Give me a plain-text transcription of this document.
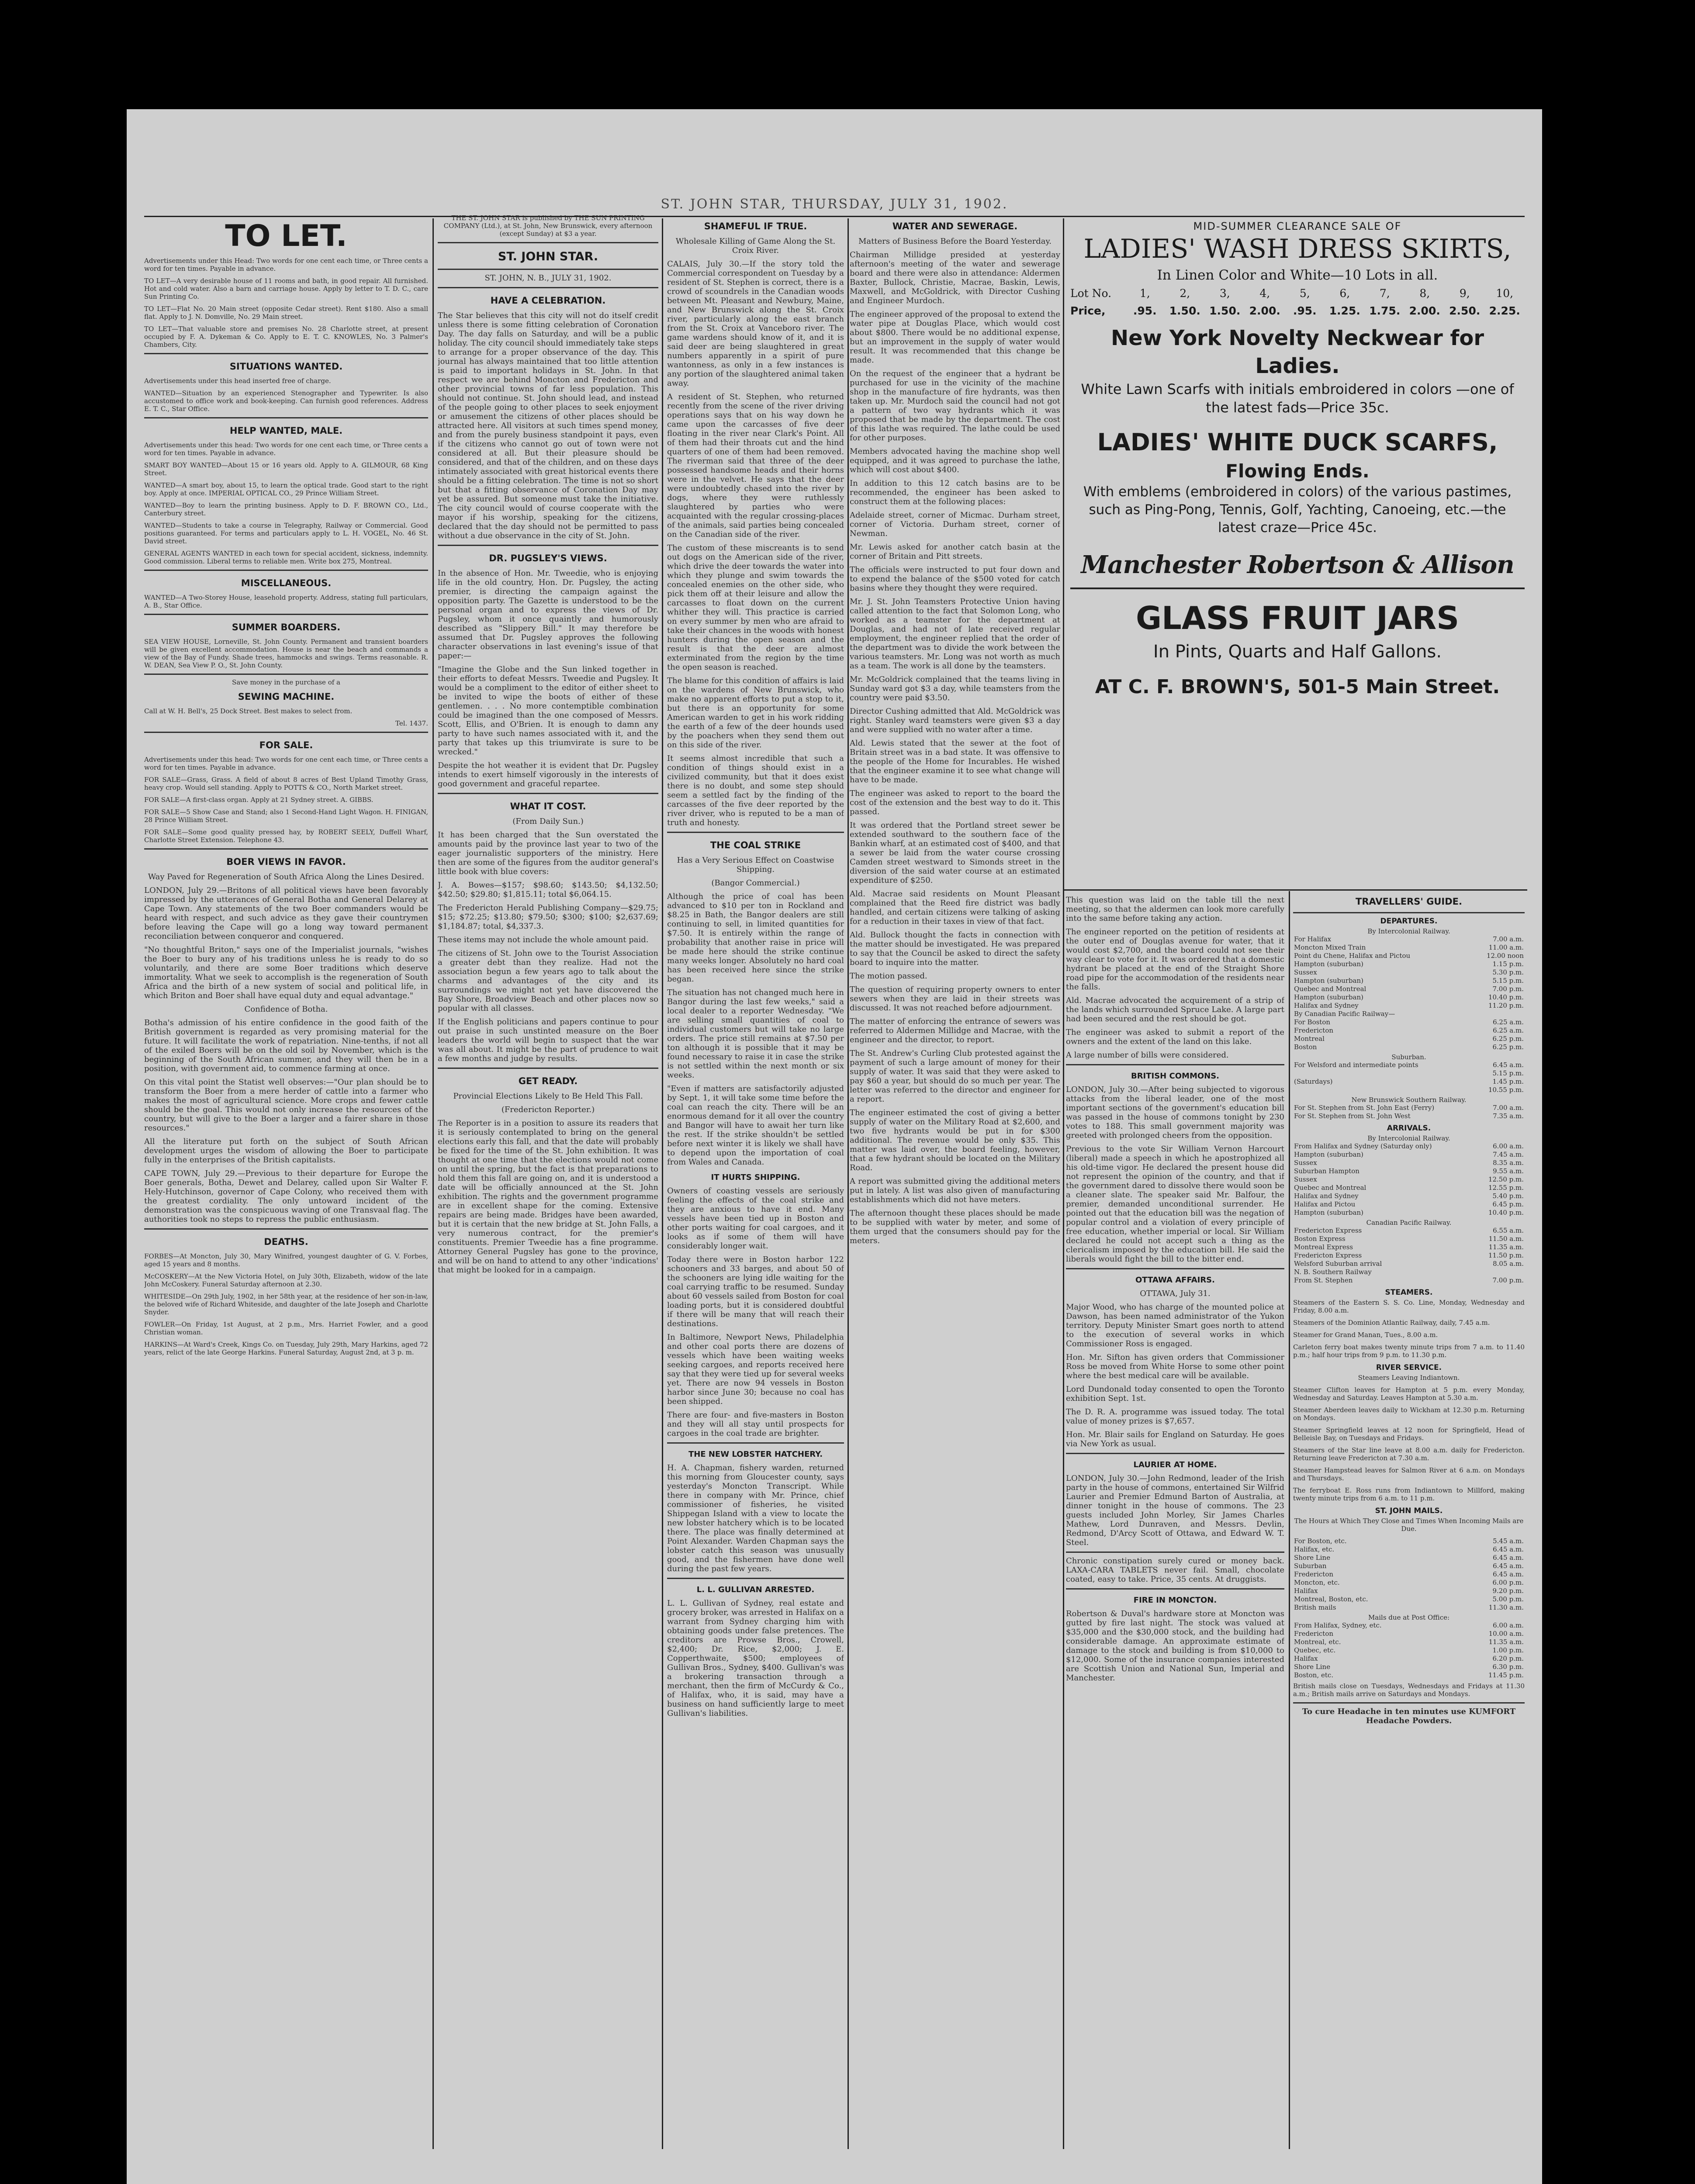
ST. JOHN STAR, THURSDAY, JULY 31, 1902.
TO LET.

Advertisements under this Head: Two words for one cent each time, or Three cents a word for ten times. Payable in advance.

TO LET—A very desirable house of 11 rooms and bath, in good repair. All furnished. Hot and cold water. Also a barn and carriage house. Apply by letter to T. D. C., care Sun Printing Co.

TO LET—Flat No. 20 Main street (opposite Cedar street). Rent $180. Also a small flat. Apply to J. N. Domville, No. 29 Main street.

TO LET—That valuable store and premises No. 28 Charlotte street, at present occupied by F. A. Dykeman & Co. Apply to E. T. C. KNOWLES, No. 3 Palmer's Chambers, City.

SITUATIONS WANTED.

Advertisements under this head inserted free of charge.

WANTED—Situation by an experienced Stenographer and Typewriter. Is also accustomed to office work and book-keeping. Can furnish good references. Address E. T. C., Star Office.

HELP WANTED, MALE.

Advertisements under this head: Two words for one cent each time, or Three cents a word for ten times. Payable in advance.

SMART BOY WANTED—About 15 or 16 years old. Apply to A. GILMOUR, 68 King Street.

WANTED—A smart boy, about 15, to learn the optical trade. Good start to the right boy. Apply at once. IMPERIAL OPTICAL CO., 29 Prince William Street.

WANTED—Boy to learn the printing business. Apply to D. F. BROWN CO., Ltd., Canterbury street.

WANTED—Students to take a course in Telegraphy, Railway or Commercial. Good positions guaranteed. For terms and particulars apply to L. H. VOGEL, No. 46 St. David street.

GENERAL AGENTS WANTED in each town for special accident, sickness, indemnity. Good commission. Liberal terms to reliable men. Write box 275, Montreal.

MISCELLANEOUS.

WANTED—A Two-Storey House, leasehold property. Address, stating full particulars, A. B., Star Office.

SUMMER BOARDERS.

SEA VIEW HOUSE, Lorneville, St. John County. Permanent and transient boarders will be given excellent accommodation. House is near the beach and commands a view of the Bay of Fundy. Shade trees, hammocks and swings. Terms reasonable. R. W. DEAN, Sea View P. O., St. John County.

Save money in the purchase of a

SEWING MACHINE.

Call at W. H. Bell's, 25 Dock Street. Best makes to select from.

Tel. 1437.

FOR SALE.

Advertisements under this head: Two words for one cent each time, or Three cents a word for ten times. Payable in advance.

FOR SALE—Grass, Grass. A field of about 8 acres of Best Upland Timothy Grass, heavy crop. Would sell standing. Apply to POTTS & CO., North Market street.

FOR SALE—A first-class organ. Apply at 21 Sydney street. A. GIBBS.

FOR SALE—5 Show Case and Stand; also 1 Second-Hand Light Wagon. H. FINIGAN, 28 Prince William Street.

FOR SALE—Some good quality pressed hay, by ROBERT SEELY, Duffell Wharf, Charlotte Street Extension. Telephone 43.

BOER VIEWS IN FAVOR.

Way Paved for Regeneration of South Africa Along the Lines Desired.

LONDON, July 29.—Britons of all political views have been favorably impressed by the utterances of General Botha and General Delarey at Cape Town. Any statements of the two Boer commanders would be heard with respect, and such advice as they gave their countrymen before leaving the Cape will go a long way toward permanent reconciliation between conqueror and conquered.

"No thoughtful Briton," says one of the Imperialist journals, "wishes the Boer to bury any of his traditions unless he is ready to do so voluntarily, and there are some Boer traditions which deserve immortality. What we seek to accomplish is the regeneration of South Africa and the birth of a new system of social and political life, in which Briton and Boer shall have equal duty and equal advantage."

Confidence of Botha.

Botha's admission of his entire confidence in the good faith of the British government is regarded as very promising material for the future. It will facilitate the work of repatriation. Nine-tenths, if not all of the exiled Boers will be on the old soil by November, which is the beginning of the South African summer, and they will then be in a position, with government aid, to commence farming at once.

On this vital point the Statist well observes:—"Our plan should be to transform the Boer from a mere herder of cattle into a farmer who makes the most of agricultural science. More crops and fewer cattle should be the goal. This would not only increase the resources of the country, but will give to the Boer a larger and a fairer share in those resources."

All the literature put forth on the subject of South African development urges the wisdom of allowing the Boer to participate fully in the enterprises of the British capitalists.

CAPE TOWN, July 29.—Previous to their departure for Europe the Boer generals, Botha, Dewet and Delarey, called upon Sir Walter F. Hely-Hutchinson, governor of Cape Colony, who received them with the greatest cordiality. The only untoward incident of the demonstration was the conspicuous waving of one Transvaal flag. The authorities took no steps to repress the public enthusiasm.

DEATHS.

FORBES—At Moncton, July 30, Mary Winifred, youngest daughter of G. V. Forbes, aged 15 years and 8 months.

McCOSKERY—At the New Victoria Hotel, on July 30th, Elizabeth, widow of the late John McCoskery. Funeral Saturday afternoon at 2.30.

WHITESIDE—On 29th July, 1902, in her 58th year, at the residence of her son-in-law, the beloved wife of Richard Whiteside, and daughter of the late Joseph and Charlotte Snyder.

FOWLER—On Friday, 1st August, at 2 p.m., Mrs. Harriet Fowler, and a good Christian woman.

HARKINS—At Ward's Creek, Kings Co. on Tuesday, July 29th, Mary Harkins, aged 72 years, relict of the late George Harkins. Funeral Saturday, August 2nd, at 3 p. m.

THE ST. JOHN STAR is published by THE SUN PRINTING COMPANY (Ltd.), at St. John, New Brunswick, every afternoon (except Sunday) at $3 a year.

ST. JOHN STAR.

ST. JOHN, N. B., JULY 31, 1902.

HAVE A CELEBRATION.

The Star believes that this city will not do itself credit unless there is some fitting celebration of Coronation Day. The day falls on Saturday, and will be a public holiday. The city council should immediately take steps to arrange for a proper observance of the day. This journal has always maintained that too little attention is paid to important holidays in St. John. In that respect we are behind Moncton and Fredericton and other provincial towns of far less population. This should not continue. St. John should lead, and instead of the people going to other places to seek enjoyment or amusement the citizens of other places should be attracted here. All visitors at such times spend money, and from the purely business standpoint it pays, even if the citizens who cannot go out of town were not considered at all. But their pleasure should be considered, and that of the children, and on these days intimately associated with great historical events there should be a fitting celebration. The time is not so short but that a fitting observance of Coronation Day may yet be assured. But someone must take the initiative. The city council would of course cooperate with the mayor if his worship, speaking for the citizens, declared that the day should not be permitted to pass without a due observance in the city of St. John.

DR. PUGSLEY'S VIEWS.

In the absence of Hon. Mr. Tweedie, who is enjoying life in the old country, Hon. Dr. Pugsley, the acting premier, is directing the campaign against the opposition party. The Gazette is understood to be the personal organ and to express the views of Dr. Pugsley, whom it once quaintly and humorously described as "Slippery Bill." It may therefore be assumed that Dr. Pugsley approves the following character observations in last evening's issue of that paper:—

"Imagine the Globe and the Sun linked together in their efforts to defeat Messrs. Tweedie and Pugsley. It would be a compliment to the editor of either sheet to be invited to wipe the boots of either of these gentlemen. . . . No more contemptible combination could be imagined than the one composed of Messrs. Scott, Ellis, and O'Brien. It is enough to damn any party to have such names associated with it, and the party that takes up this triumvirate is sure to be wrecked."

Despite the hot weather it is evident that Dr. Pugsley intends to exert himself vigorously in the interests of good government and graceful repartee.

WHAT IT COST.

(From Daily Sun.)

It has been charged that the Sun overstated the amounts paid by the province last year to two of the eager journalistic supporters of the ministry. Here then are some of the figures from the auditor general's little book with blue covers:

J. A. Bowes—$157; $98.60; $143.50; $4,132.50; $42.50; $29.80; $1,815.11; total $6,064.15.

The Fredericton Herald Publishing Company—$29.75; $15; $72.25; $13.80; $79.50; $300; $100; $2,637.69; $1,184.87; total, $4,337.3.

These items may not include the whole amount paid.

The citizens of St. John owe to the Tourist Association a greater debt than they realize. Had not the association begun a few years ago to talk about the charms and advantages of the city and its surroundings we might not yet have discovered the Bay Shore, Broadview Beach and other places now so popular with all classes.

If the English politicians and papers continue to pour out praise in such unstinted measure on the Boer leaders the world will begin to suspect that the war was all about. It might be the part of prudence to wait a few months and judge by results.

GET READY.

Provincial Elections Likely to Be Held This Fall.

(Fredericton Reporter.)

The Reporter is in a position to assure its readers that it is seriously contemplated to bring on the general elections early this fall, and that the date will probably be fixed for the time of the St. John exhibition. It was thought at one time that the elections would not come on until the spring, but the fact is that preparations to hold them this fall are going on, and it is understood a date will be officially announced at the St. John exhibition. The rights and the government programme are in excellent shape for the coming. Extensive repairs are being made. Bridges have been awarded, but it is certain that the new bridge at St. John Falls, a very numerous contract, for the premier's constituents. Premier Tweedie has a fine programme. Attorney General Pugsley has gone to the province, and will be on hand to attend to any other 'indications' that might be looked for in a campaign.

SHAMEFUL IF TRUE.

Wholesale Killing of Game Along the St. Croix River.

CALAIS, July 30.—If the story told the Commercial correspondent on Tuesday by a resident of St. Stephen is correct, there is a crowd of scoundrels in the Canadian woods between Mt. Pleasant and Newbury, Maine, and New Brunswick along the St. Croix river, particularly along the east branch from the St. Croix at Vanceboro river. The game wardens should know of it, and it is said deer are being slaughtered in great numbers apparently in a spirit of pure wantonness, as only in a few instances is any portion of the slaughtered animal taken away.

A resident of St. Stephen, who returned recently from the scene of the river driving operations says that on his way down he came upon the carcasses of five deer floating in the river near Clark's Point. All of them had their throats cut and the hind quarters of one of them had been removed. The riverman said that three of the deer possessed handsome heads and their horns were in the velvet. He says that the deer were undoubtedly chased into the river by dogs, where they were ruthlessly slaughtered by parties who were acquainted with the regular crossing-places of the animals, said parties being concealed on the Canadian side of the river.

The custom of these miscreants is to send out dogs on the American side of the river, which drive the deer towards the water into which they plunge and swim towards the concealed enemies on the other side, who pick them off at their leisure and allow the carcasses to float down on the current whither they will. This practice is carried on every summer by men who are afraid to take their chances in the woods with honest hunters during the open season and the result is that the deer are almost exterminated from the region by the time the open season is reached.

The blame for this condition of affairs is laid on the wardens of New Brunswick, who make no apparent efforts to put a stop to it, but there is an opportunity for some American warden to get in his work ridding the earth of a few of the deer hounds used by the poachers when they send them out on this side of the river.

It seems almost incredible that such a condition of things should exist in a civilized community, but that it does exist there is no doubt, and some step should seem a settled fact by the finding of the carcasses of the five deer reported by the river driver, who is reputed to be a man of truth and honesty.

THE COAL STRIKE

Has a Very Serious Effect on Coastwise Shipping.

(Bangor Commercial.)

Although the price of coal has been advanced to $10 per ton in Rockland and $8.25 in Bath, the Bangor dealers are still continuing to sell, in limited quantities for $7.50. It is entirely within the range of probability that another raise in price will be made here should the strike continue many weeks longer. Absolutely no hard coal has been received here since the strike began.

The situation has not changed much here in Bangor during the last few weeks," said a local dealer to a reporter Wednesday. "We are selling small quantities of coal to individual customers but will take no large orders. The price still remains at $7.50 per ton although it is possible that it may be found necessary to raise it in case the strike is not settled within the next month or six weeks.

"Even if matters are satisfactorily adjusted by Sept. 1, it will take some time before the coal can reach the city. There will be an enormous demand for it all over the country and Bangor will have to await her turn like the rest. If the strike shouldn't be settled before next winter it is likely we shall have to depend upon the importation of coal from Wales and Canada.

IT HURTS SHIPPING.

Owners of coasting vessels are seriously feeling the effects of the coal strike and they are anxious to have it end. Many vessels have been tied up in Boston and other ports waiting for coal cargoes, and it looks as if some of them will have considerably longer wait.

Today there were in Boston harbor 122 schooners and 33 barges, and about 50 of the schooners are lying idle waiting for the coal carrying traffic to be resumed. Sunday about 60 vessels sailed from Boston for coal loading ports, but it is considered doubtful if there will be many that will reach their destinations.

In Baltimore, Newport News, Philadelphia and other coal ports there are dozens of vessels which have been waiting weeks seeking cargoes, and reports received here say that they were tied up for several weeks yet. There are now 94 vessels in Boston harbor since June 30; because no coal has been shipped.

There are four- and five-masters in Boston and they will all stay until prospects for cargoes in the coal trade are brighter.

THE NEW LOBSTER HATCHERY.

H. A. Chapman, fishery warden, returned this morning from Gloucester county, says yesterday's Moncton Transcript. While there in company with Mr. Prince, chief commissioner of fisheries, he visited Shippegan Island with a view to locate the new lobster hatchery which is to be located there. The place was finally determined at Point Alexander. Warden Chapman says the lobster catch this season was unusually good, and the fishermen have done well during the past few years.

L. L. GULLIVAN ARRESTED.

L. L. Gullivan of Sydney, real estate and grocery broker, was arrested in Halifax on a warrant from Sydney charging him with obtaining goods under false pretences. The creditors are Prowse Bros., Crowell, $2,400; Dr. Rice, $2,000; J. E. Copperthwaite, $500; employees of Gullivan Bros., Sydney, $400. Gullivan's was a brokering transaction through a merchant, then the firm of McCurdy & Co., of Halifax, who, it is said, may have a business on hand sufficiently large to meet Gullivan's liabilities.

WATER AND SEWERAGE.

Matters of Business Before the Board Yesterday.

Chairman Millidge presided at yesterday afternoon's meeting of the water and sewerage board and there were also in attendance: Aldermen Baxter, Bullock, Christie, Macrae, Baskin, Lewis, Maxwell, and McGoldrick, with Director Cushing and Engineer Murdoch.

The engineer approved of the proposal to extend the water pipe at Douglas Place, which would cost about $800. There would be no additional expense, but an improvement in the supply of water would result. It was recommended that this change be made.

On the request of the engineer that a hydrant be purchased for use in the vicinity of the machine shop in the manufacture of fire hydrants, was then taken up. Mr. Murdoch said the council had not got a pattern of two way hydrants which it was proposed that be made by the department. The cost of this lathe was required. The lathe could be used for other purposes.

Members advocated having the machine shop well equipped, and it was agreed to purchase the lathe, which will cost about $400.

In addition to this 12 catch basins are to be recommended, the engineer has been asked to construct them at the following places:

Adelaide street, corner of Micmac. Durham street, corner of Victoria. Durham street, corner of Newman.

Mr. Lewis asked for another catch basin at the corner of Britain and Pitt streets.

The officials were instructed to put four down and to expend the balance of the $500 voted for catch basins where they thought they were required.

Mr. J. St. John Teamsters Protective Union having called attention to the fact that Solomon Long, who worked as a teamster for the department at Douglas, and had not of late received regular employment, the engineer replied that the order of the department was to divide the work between the various teamsters. Mr. Long was not worth as much as a team. The work is all done by the teamsters.

Mr. McGoldrick complained that the teams living in Sunday ward got $3 a day, while teamsters from the country were paid $3.50.

Director Cushing admitted that Ald. McGoldrick was right. Stanley ward teamsters were given $3 a day and were supplied with no water after a time.

Ald. Lewis stated that the sewer at the foot of Britain street was in a bad state. It was offensive to the people of the Home for Incurables. He wished that the engineer examine it to see what change will have to be made.

The engineer was asked to report to the board the cost of the extension and the best way to do it. This passed.

It was ordered that the Portland street sewer be extended southward to the southern face of the Bankin wharf, at an estimated cost of $400, and that a sewer be laid from the water course crossing Camden street westward to Simonds street in the diversion of the said water course at an estimated expenditure of $250.

Ald. Macrae said residents on Mount Pleasant complained that the Reed fire district was badly handled, and certain citizens were talking of asking for a reduction in their taxes in view of that fact.

Ald. Bullock thought the facts in connection with the matter should be investigated. He was prepared to say that the Council be asked to direct the safety board to inquire into the matter.

The motion passed.

The question of requiring property owners to enter sewers when they are laid in their streets was discussed. It was not reached before adjournment.

The matter of enforcing the entrance of sewers was referred to Aldermen Millidge and Macrae, with the engineer and the director, to report.

The St. Andrew's Curling Club protested against the payment of such a large amount of money for their supply of water. It was said that they were asked to pay $60 a year, but should do so much per year. The letter was referred to the director and engineer for a report.

The engineer estimated the cost of giving a better supply of water on the Military Road at $2,600, and two five hydrants would be put in for $300 additional. The revenue would be only $35. This matter was laid over, the board feeling, however, that a few hydrant should be located on the Military Road.

A report was submitted giving the additional meters put in lately. A list was also given of manufacturing establishments which did not have meters.

The afternoon thought these places should be made to be supplied with water by meter, and some of them urged that the consumers should pay for the meters.

MID-SUMMER CLEARANCE SALE OF
LADIES' WASH DRESS SKIRTS,
In Linen Color and White—10 Lots in all.
Lot No.	1,	2,	3,	4,	5,	6,	7,	8,	9,	10,
Price,	.95.	1.50. 1.50. 2.00.	.95.	1.25. 1.75. 2.00. 2.50. 2.25.
New York Novelty Neckwear for Ladies.
White Lawn Scarfs with initials embroidered in colors —one of the latest fads—Price 35c.
LADIES' WHITE DUCK SCARFS,
Flowing Ends.
With emblems (embroidered in colors) of the various pastimes, such as Ping-Pong, Tennis, Golf, Yachting, Canoeing, etc.—the latest craze—Price 45c.
Manchester Robertson & Allison
GLASS FRUIT JARS
In Pints, Quarts and Half Gallons.
AT C. F. BROWN'S, 501-5 Main Street.

This question was laid on the table till the next meeting, so that the aldermen can look more carefully into the same before taking any action.

The engineer reported on the petition of residents at the outer end of Douglas avenue for water, that it would cost $2,700, and the board could not see their way clear to vote for it. It was ordered that a domestic hydrant be placed at the end of the Straight Shore road pipe for the accommodation of the residents near the falls.

Ald. Macrae advocated the acquirement of a strip of the lands which surrounded Spruce Lake. A large part had been secured and the rest should be got.

The engineer was asked to submit a report of the owners and the extent of the land on this lake.

A large number of bills were considered.

BRITISH COMMONS.

LONDON, July 30.—After being subjected to vigorous attacks from the liberal leader, one of the most important sections of the government's education bill was passed in the house of commons tonight by 230 votes to 188. This small government majority was greeted with prolonged cheers from the opposition.

Previous to the vote Sir William Vernon Harcourt (liberal) made a speech in which he apostrophized all his old-time vigor. He declared the present house did not represent the opinion of the country, and that if the government dared to dissolve there would soon be a cleaner slate. The speaker said Mr. Balfour, the premier, demanded unconditional surrender. He pointed out that the education bill was the negation of popular control and a violation of every principle of free education, whether imperial or local. Sir William declared he could not accept such a thing as the clericalism imposed by the education bill. He said the liberals would fight the bill to the bitter end.

OTTAWA AFFAIRS.

OTTAWA, July 31.

Major Wood, who has charge of the mounted police at Dawson, has been named administrator of the Yukon territory. Deputy Minister Smart goes north to attend to the execution of several works in which Commissioner Ross is engaged.

Hon. Mr. Sifton has given orders that Commissioner Ross be moved from White Horse to some other point where the best medical care will be available.

Lord Dundonald today consented to open the Toronto exhibition Sept. 1st.

The D. R. A. programme was issued today. The total value of money prizes is $7,657.

Hon. Mr. Blair sails for England on Saturday. He goes via New York as usual.

LAURIER AT HOME.

LONDON, July 30.—John Redmond, leader of the Irish party in the house of commons, entertained Sir Wilfrid Laurier and Premier Edmund Barton of Australia, at dinner tonight in the house of commons. The 23 guests included John Morley, Sir James Charles Mathew, Lord Dunraven, and Messrs. Devlin, Redmond, D'Arcy Scott of Ottawa, and Edward W. T. Steel.

Chronic constipation surely cured or money back. LAXA-CARA TABLETS never fail. Small, chocolate coated, easy to take. Price, 35 cents. At druggists.

FIRE IN MONCTON.

Robertson & Duval's hardware store at Moncton was gutted by fire last night. The stock was valued at $35,000 and the $30,000 stock, and the building had considerable damage. An approximate estimate of damage to the stock and building is from $10,000 to $12,000. Some of the insurance companies interested are Scottish Union and National Sun, Imperial and Manchester.

TRAVELLERS' GUIDE.
DEPARTURES.

By Intercolonial Railway.

For Halifax	7.00 a.m.
Moncton Mixed Train	11.00 a.m.
Point du Chene, Halifax and Pictou	12.00 noon
Hampton (suburban)	1.15 p.m.
Sussex	5.30 p.m.
Hampton (suburban)	5.15 p.m.
Quebec and Montreal	7.00 p.m.
Hampton (suburban)	10.40 p.m.
Halifax and Sydney	11.20 p.m.
By Canadian Pacific Railway—	
For Boston	6.25 a.m.
Fredericton	6.25 a.m.
Montreal	6.25 p.m.
Boston	6.25 p.m.

Suburban.

For Welsford and intermediate points	6.45 a.m.
	5.15 p.m.
(Saturdays)	1.45 p.m.
	10.55 p.m.

New Brunswick Southern Railway.

For St. Stephen from St. John East (Ferry)	7.00 a.m.
For St. Stephen from St. John West	7.35 a.m.
ARRIVALS.

By Intercolonial Railway.

From Halifax and Sydney (Saturday only)	6.00 a.m.
Hampton (suburban)	7.45 a.m.
Sussex	8.35 a.m.
Suburban Hampton	9.55 a.m.
Sussex	12.50 p.m.
Quebec and Montreal	12.55 p.m.
Halifax and Sydney	5.40 p.m.
Halifax and Pictou	6.45 p.m.
Hampton (suburban)	10.40 p.m.

Canadian Pacific Railway.

Fredericton Express	6.55 a.m.
Boston Express	11.50 a.m.
Montreal Express	11.35 a.m.
Fredericton Express	11.50 p.m.
Welsford Suburban arrival	8.05 a.m.
N. B. Southern Railway	
From St. Stephen	7.00 p.m.
STEAMERS.

Steamers of the Eastern S. S. Co. Line, Monday, Wednesday and Friday, 8.00 a.m.

Steamers of the Dominion Atlantic Railway, daily, 7.45 a.m.

Steamer for Grand Manan, Tues., 8.00 a.m.

Carleton ferry boat makes twenty minute trips from 7 a.m. to 11.40 p.m.; half hour trips from 9 p.m. to 11.30 p.m.

RIVER SERVICE.

Steamers Leaving Indiantown.

Steamer Clifton leaves for Hampton at 5 p.m. every Monday, Wednesday and Saturday. Leaves Hampton at 5.30 a.m.

Steamer Aberdeen leaves daily to Wickham at 12.30 p.m. Returning on Mondays.

Steamer Springfield leaves at 12 noon for Springfield, Head of Belleisle Bay, on Tuesdays and Fridays.

Steamers of the Star line leave at 8.00 a.m. daily for Fredericton. Returning leave Fredericton at 7.30 a.m.

Steamer Hampstead leaves for Salmon River at 6 a.m. on Mondays and Thursdays.

The ferryboat E. Ross runs from Indiantown to Millford, making twenty minute trips from 6 a.m. to 11 p.m.

ST. JOHN MAILS.

The Hours at Which They Close and Times When Incoming Mails are Due.

For Boston, etc.	5.45 a.m.
Halifax, etc.	6.45 a.m.
Shore Line	6.45 a.m.
Suburban	6.45 a.m.
Fredericton	6.45 a.m.
Moncton, etc.	6.00 p.m.
Halifax	9.20 p.m.
Montreal, Boston, etc.	5.00 p.m.
British mails	11.30 a.m.

Mails due at Post Office:

From Halifax, Sydney, etc.	6.00 a.m.
Fredericton	10.00 a.m.
Montreal, etc.	11.35 a.m.
Quebec, etc.	1.00 p.m.
Halifax	6.20 p.m.
Shore Line	6.30 p.m.
Boston, etc.	11.45 p.m.

British mails close on Tuesdays, Wednesdays and Fridays at 11.30 a.m.; British mails arrive on Saturdays and Mondays.

To cure Headache in ten minutes use KUMFORT Headache Powders.
